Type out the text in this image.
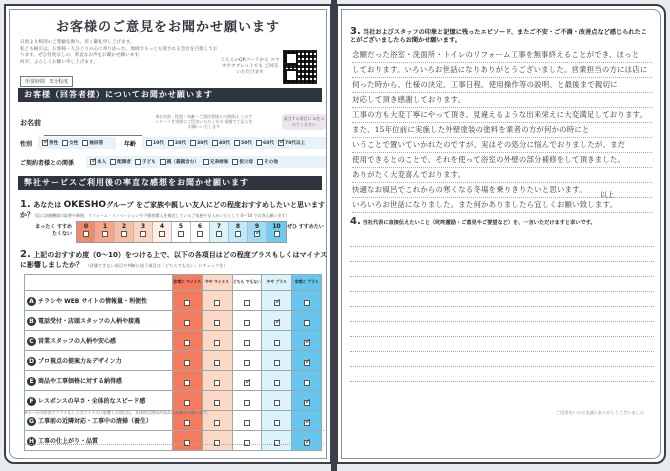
お客様のご意見をお聞かせ願います
日頃より格別のご愛顧を賜り、厚く御礼申し上げます。
私ども桶庄は、お客様一人ひとりの心に寄り添った、地域でもっとも愛される会社を目指しております。ぜひ忖度なしの、率直なお声をお聞かせ願います。
何卒、よろしくお願い申し上げます。
所要時間　5分程度
こちらのQRコードから スマホやタブレットでも ご回答いただけます
お客様（回答者様）についてお聞かせ願います
お名前
※お名前・性別・年齢・ご契約者様との関係は このアンケートを実際にご回答いただく方の 情報でご記入をお願いいたします
該当する項目に ☑をつけてください
性別 ✓	男性 女性 無回答	年齢	10代 20代 30代 40代 50代 60代 ✓ 70代以上
ご契約者様との関係 ✓	本人 配偶者 子ども 親（義親含む） 兄弟姉妹 祖父母 その他
弊社サービスご利用後の率直な感想をお聞かせ願います
1. あなたは OKESHOグループ をご家族や親しい友人にどの程度おすすめしたいと思いますか？
（仮に設備機器の取替や修理、リフォーム・リノベーションや不動産購入を検討しているご家族や友人がいたとして 0〜10 でお答え願います）
まったく すすめたくない
0 1 2 3 4 5 6 7 8 9
✓ 10 ぜひ すすめたい
2. 上記のおすすめ度（0〜10）をつける上で、以下の各項目はどの程度プラスもしくはマイナスに影響しましたか？ （評価できない項目や判断に迷う項目は「どちらでもない」にチェックを）
	非常に マイナス	やや マイナス	どちら でもない	やや プラス	非常に プラス
A チラシや WEB サイトの情報量・利便性				✓	
B 電話受付・店頭スタッフの人柄や接遇				✓	
C 営業スタッフの人柄や安心感					✓
D プロ視点の提案力＆デザイン力					✓
E 商品や工事価格に対する納得感			✓		
F レスポンスの早さ・全体的なスピード感					✓
G 工事前の近隣対応・工事中の清掃（養生）					✓
H 工事の仕上がり・品質					✓
※Ⓐ〜Ⓗの回答でプラスもしくはマイナスに影響した項目は、具体的な理由があればお聞かせ願います。
3. 当社およびスタッフの印象と記憶に残ったエピソード、またご不安・ご不満・改善点など感じられたことがございましたらお聞かせ願います。
念願だった浴室・洗面所・トイレのリフォーム工事を無事終えることができ、ほっと
しております。いろいろお世話になりありがとうございました。営業担当の方には店に
伺った時から、仕様の決定、工事日程、使用操作等の説明、と最後まで親切に
対応して頂き感謝しております。
工事の方も大変丁寧にやって頂き、見違えるような出来栄えに大変満足しております。
また、15年位前に実施した外壁塗装の塗料を業者の方が何かの時にと
いうことで置いていかれたのですが、実はその処分に悩んでおりましたが、まだ
使用できるとのことで、それを使って浴室の外壁の部分補修をして頂きました。
ありがたく大変喜んでおります。
快適なお風呂でこれからの寒くなる冬場を乗りきりたいと思います。
いろいろお世話になりました。また何かありましたら宜しくお願い致します。
以上
4. 当社代表に直接伝えたいこと（叱咤激励・ご意見やご要望など）を、一言いただけますと幸いです。
ご回答をいただき誠にありがとうございました
